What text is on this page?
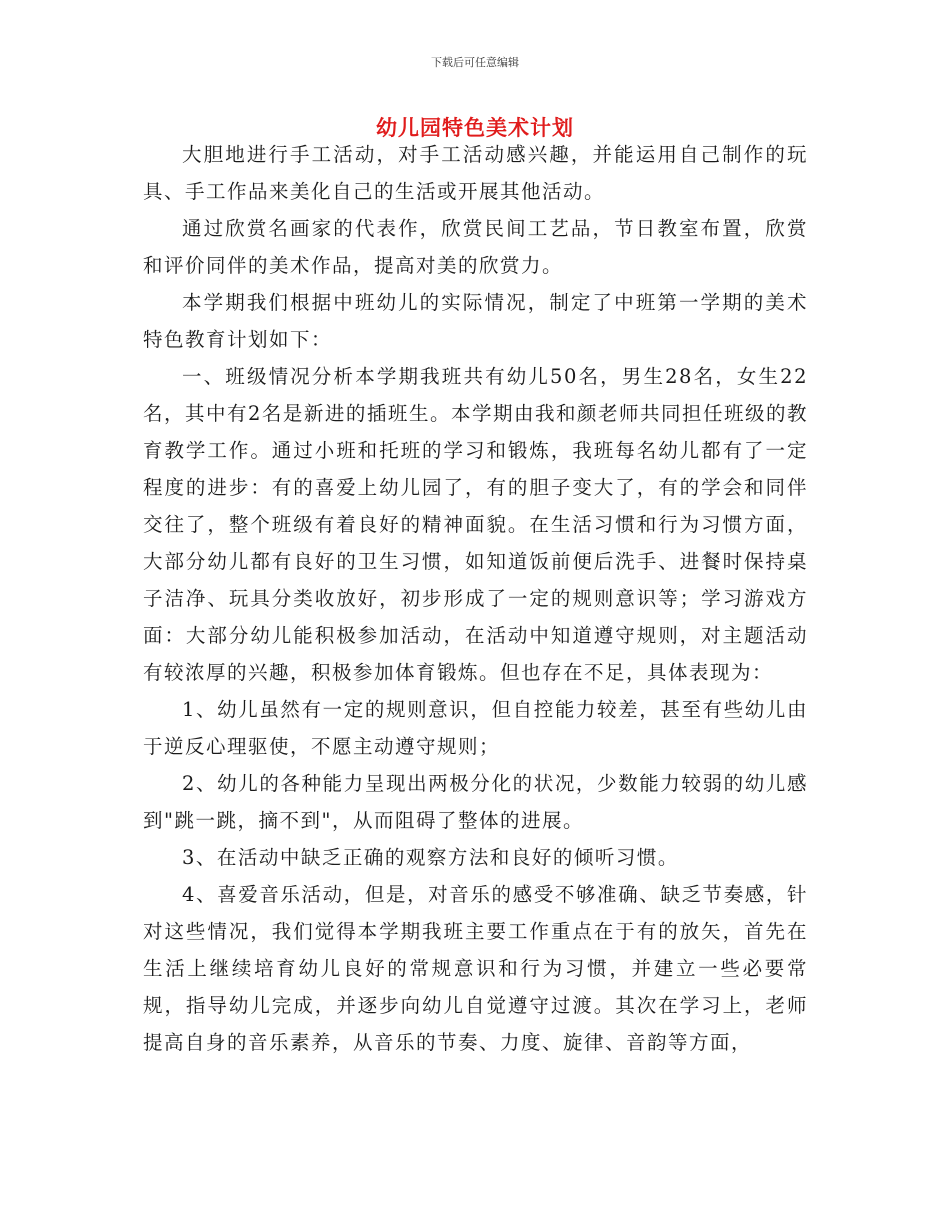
下载后可任意编辑
幼儿园特色美术计划

大胆地进行手工活动，对手工活动感兴趣，并能运用自己制作的玩具、手工作品来美化自己的生活或开展其他活动。

通过欣赏名画家的代表作，欣赏民间工艺品，节日教室布置，欣赏和评价同伴的美术作品，提高对美的欣赏力。

本学期我们根据中班幼儿的实际情况，制定了中班第一学期的美术特色教育计划如下：

一、班级情况分析本学期我班共有幼儿50名，男生28名，女生22名，其中有2名是新进的插班生。本学期由我和颜老师共同担任班级的教育教学工作。通过小班和托班的学习和锻炼，我班每名幼儿都有了一定程度的进步：有的喜爱上幼儿园了，有的胆子变大了，有的学会和同伴交往了，整个班级有着良好的精神面貌。在生活习惯和行为习惯方面，大部分幼儿都有良好的卫生习惯，如知道饭前便后洗手、进餐时保持桌子洁净、玩具分类收放好，初步形成了一定的规则意识等；学习游戏方面：大部分幼儿能积极参加活动，在活动中知道遵守规则，对主题活动有较浓厚的兴趣，积极参加体育锻炼。但也存在不足，具体表现为：

1、幼儿虽然有一定的规则意识，但自控能力较差，甚至有些幼儿由于逆反心理驱使，不愿主动遵守规则；

2、幼儿的各种能力呈现出两极分化的状况，少数能力较弱的幼儿感到"跳一跳，摘不到"，从而阻碍了整体的进展。

3、在活动中缺乏正确的观察方法和良好的倾听习惯。

4、喜爱音乐活动，但是，对音乐的感受不够准确、缺乏节奏感，针对这些情况，我们觉得本学期我班主要工作重点在于有的放矢，首先在生活上继续培育幼儿良好的常规意识和行为习惯，并建立一些必要常规，指导幼儿完成，并逐步向幼儿自觉遵守过渡。其次在学习上，老师提高自身的音乐素养，从音乐的节奏、力度、旋律、音韵等方面，
